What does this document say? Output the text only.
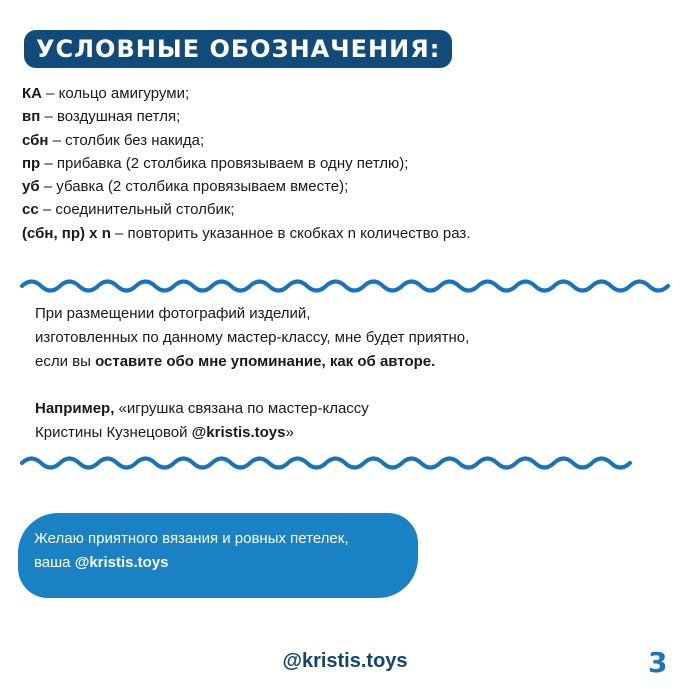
УСЛОВНЫЕ ОБОЗНАЧЕНИЯ:
КА – кольцо амигуруми;
вп – воздушная петля;
сбн – столбик без накида;
пр – прибавка (2 столбика провязываем в одну петлю);
уб – убавка (2 столбика провязываем вместе);
сс – соединительный столбик;
(сбн, пр) х n – повторить указанное в скобках n количество раз.
При размещении фотографий изделий,
изготовленных по данному мастер-классу, мне будет приятно,
если вы оставите обо мне упоминание, как об авторе.
Например, «игрушка связана по мастер-классу
Кристины Кузнецовой @kristis.toys»
Желаю приятного вязания и ровных петелек,
ваша @kristis.toys
@kristis.toys	3
